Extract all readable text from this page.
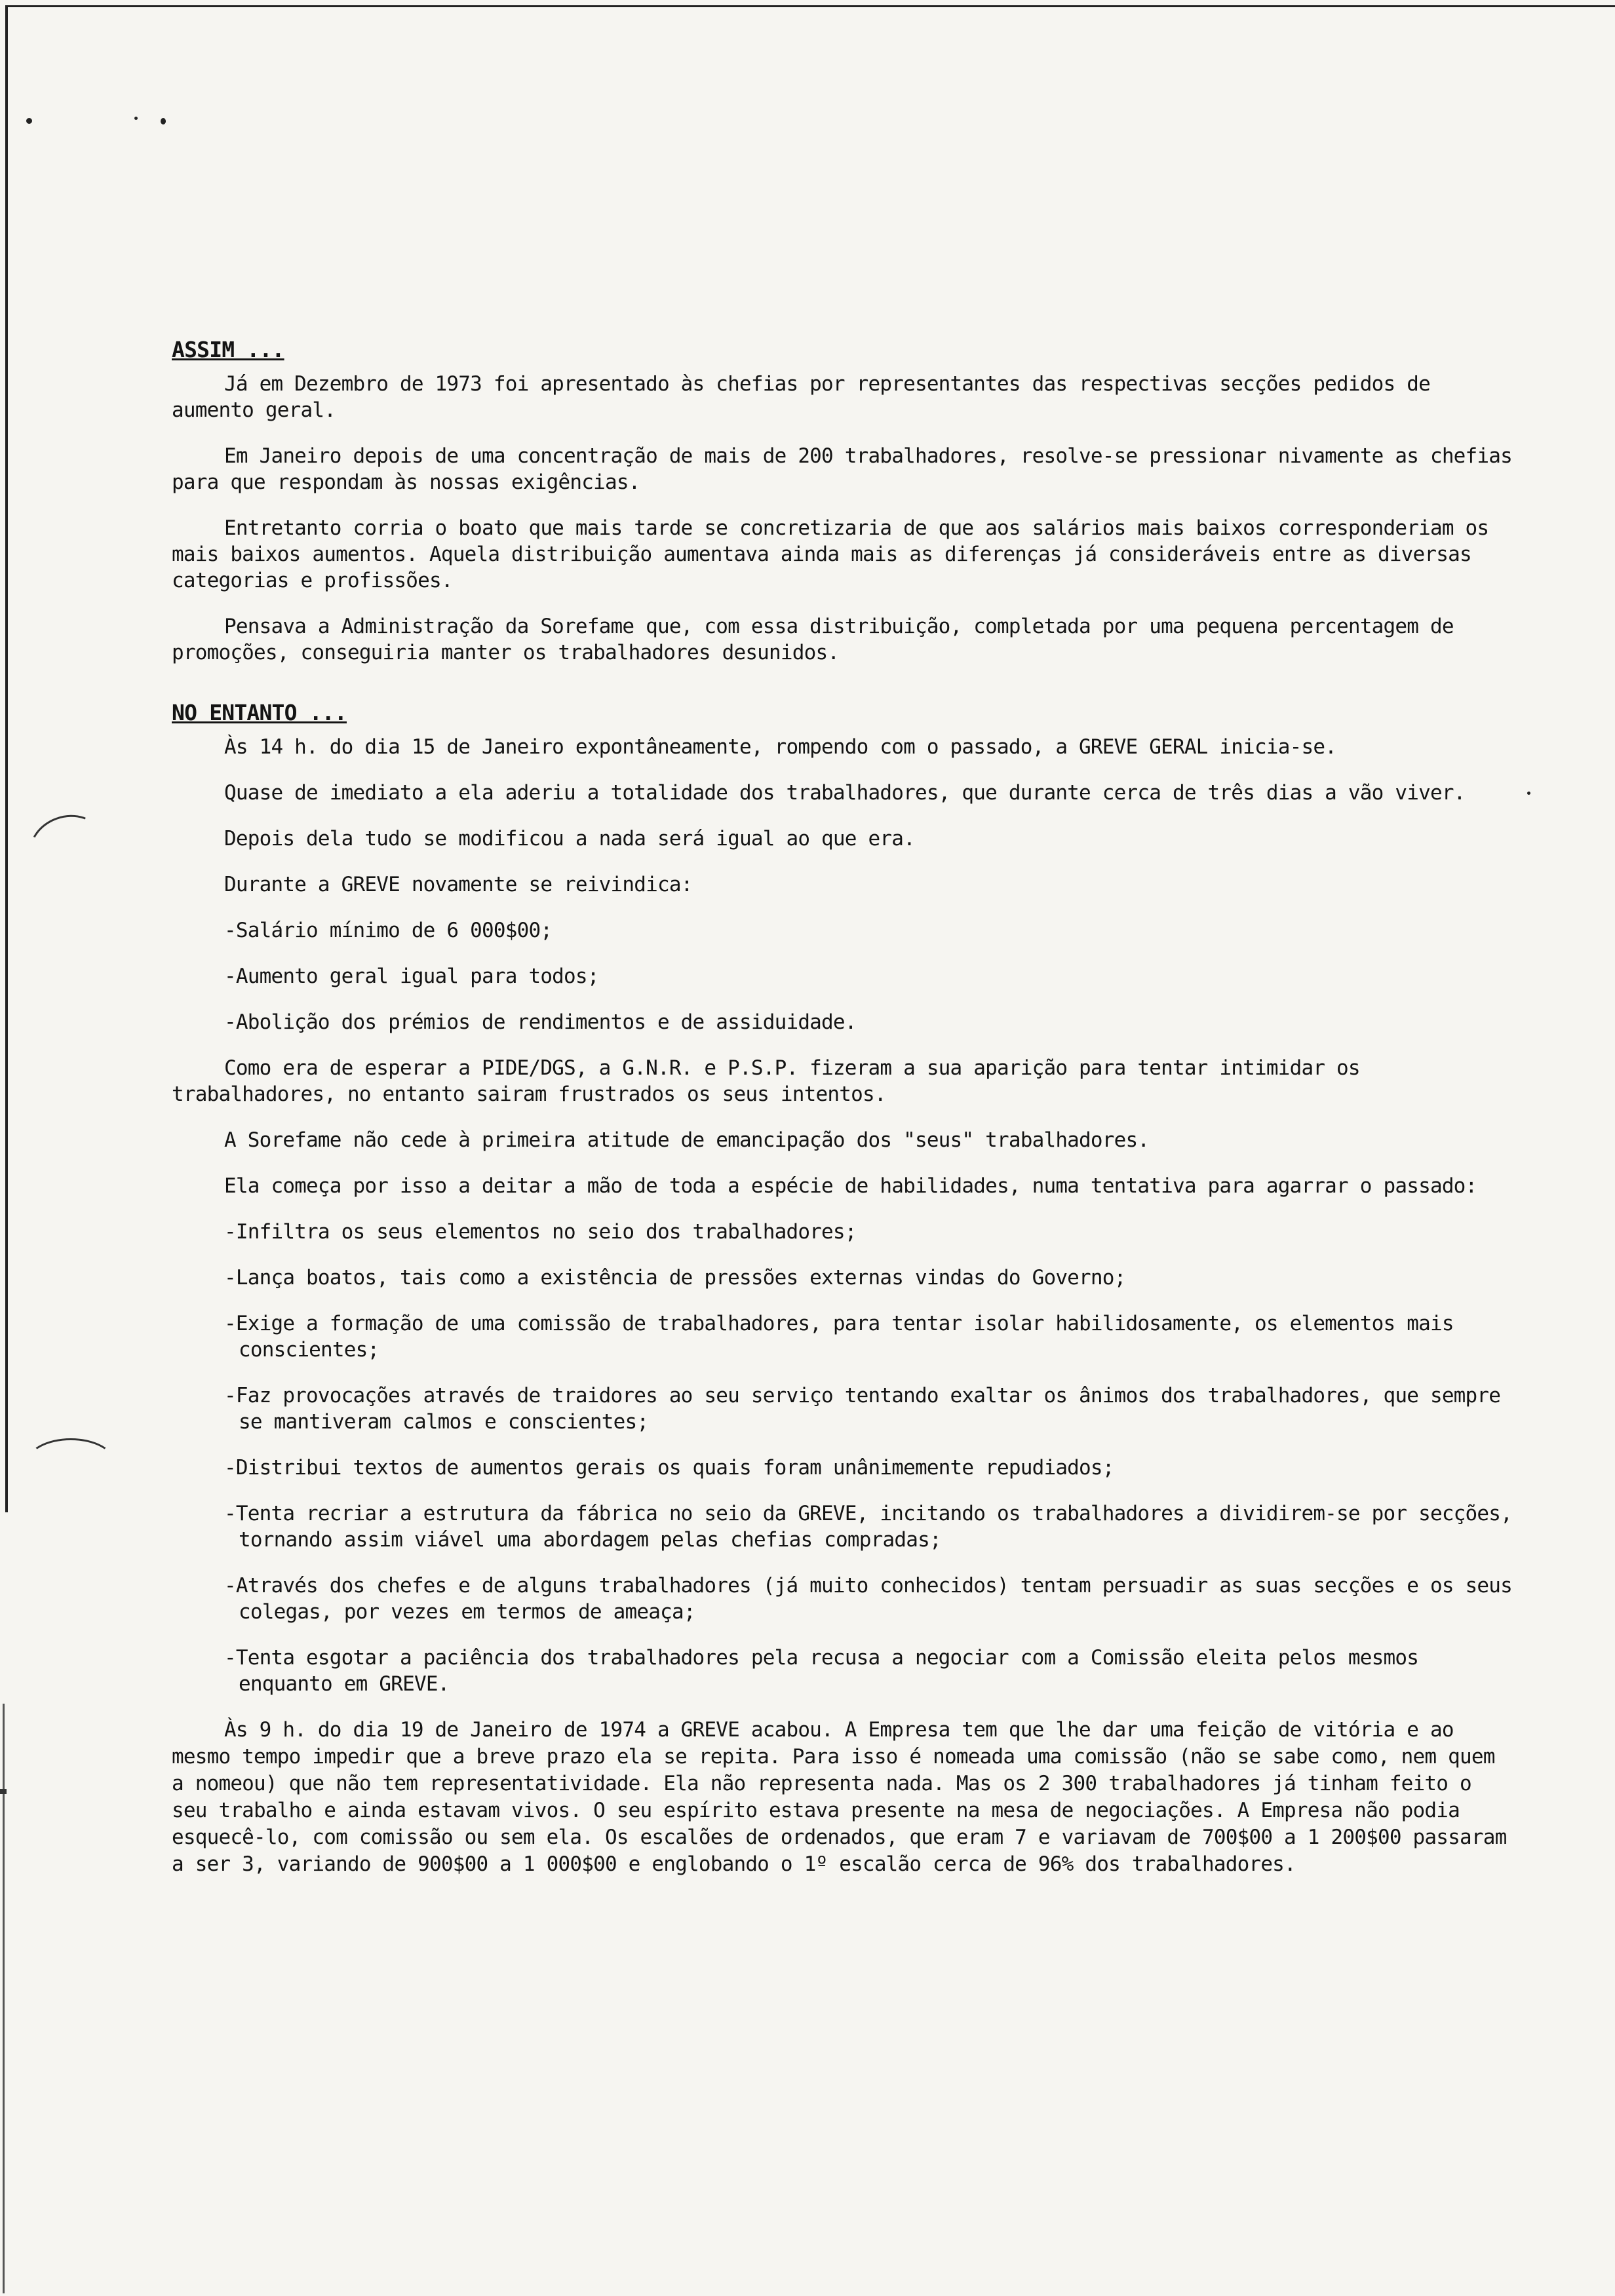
ASSIM ...

Já em Dezembro de 1973 foi apresentado às chefias por representantes das respectivas secções pedidos de aumento geral.

Em Janeiro depois de uma concentração de mais de 200 trabalhadores, resolve-se pressionar nivamente as chefias para que respondam às nossas exigências.

Entretanto corria o boato que mais tarde se concretizaria de que aos salários mais baixos corresponderiam os mais baixos aumentos. Aquela distribuição aumentava ainda mais as diferenças já consideráveis entre as diversas categorias e profissões.

Pensava a Administração da Sorefame que, com essa distribuição, completada por uma pequena percentagem de promoções, conseguiria manter os trabalhadores desunidos.

NO ENTANTO ...

Às 14 h. do dia 15 de Janeiro expontâneamente, rompendo com o passado, a GREVE GERAL inicia-se.

Quase de imediato a ela aderiu a totalidade dos trabalhadores, que durante cerca de três dias a vão viver.

Depois dela tudo se modificou a nada será igual ao que era.

Durante a GREVE novamente se reivindica:

-Salário mínimo de 6 000$00;

-Aumento geral igual para todos;

-Abolição dos prémios de rendimentos e de assiduidade.

Como era de esperar a PIDE/DGS, a G.N.R. e P.S.P. fizeram a sua aparição para tentar intimidar os trabalhadores, no entanto sairam frustrados os seus intentos.

A Sorefame não cede à primeira atitude de emancipação dos "seus" trabalhadores.

Ela começa por isso a deitar a mão de toda a espécie de habilidades, numa tentativa para agarrar o passado:

-Infiltra os seus elementos no seio dos trabalhadores;

-Lança boatos, tais como a existência de pressões externas vindas do Governo;

-Exige a formação de uma comissão de trabalhadores, para tentar isolar habilidosamente, os elementos mais conscientes;

-Faz provocações através de traidores ao seu serviço tentando exaltar os ânimos dos trabalhadores, que sempre se mantiveram calmos e conscientes;

-Distribui textos de aumentos gerais os quais foram unânimemente repudiados;

-Tenta recriar a estrutura da fábrica no seio da GREVE, incitando os trabalhadores a dividirem-se por secções, tornando assim viável uma abordagem pelas chefias compradas;

-Através dos chefes e de alguns trabalhadores (já muito conhecidos) tentam persuadir as suas secções e os seus colegas, por vezes em termos de ameaça;

-Tenta esgotar a paciência dos trabalhadores pela recusa a negociar com a Comissão eleita pelos mesmos enquanto em GREVE.

Às 9 h. do dia 19 de Janeiro de 1974 a GREVE acabou. A Empresa tem que lhe dar uma feição de vitória e ao mesmo tempo impedir que a breve prazo ela se repita. Para isso é nomeada uma comissão (não se sabe como, nem quem a nomeou) que não tem representatividade. Ela não representa nada. Mas os 2 300 trabalhadores já tinham feito o seu trabalho e ainda estavam vivos. O seu espírito estava presente na mesa de negociações. A Empresa não podia esquecê-lo, com comissão ou sem ela. Os escalões de ordenados, que eram 7 e variavam de 700$00 a 1 200$00 passaram a ser 3, variando de 900$00 a 1 000$00 e englobando o 1º escalão cerca de 96% dos trabalhadores.
